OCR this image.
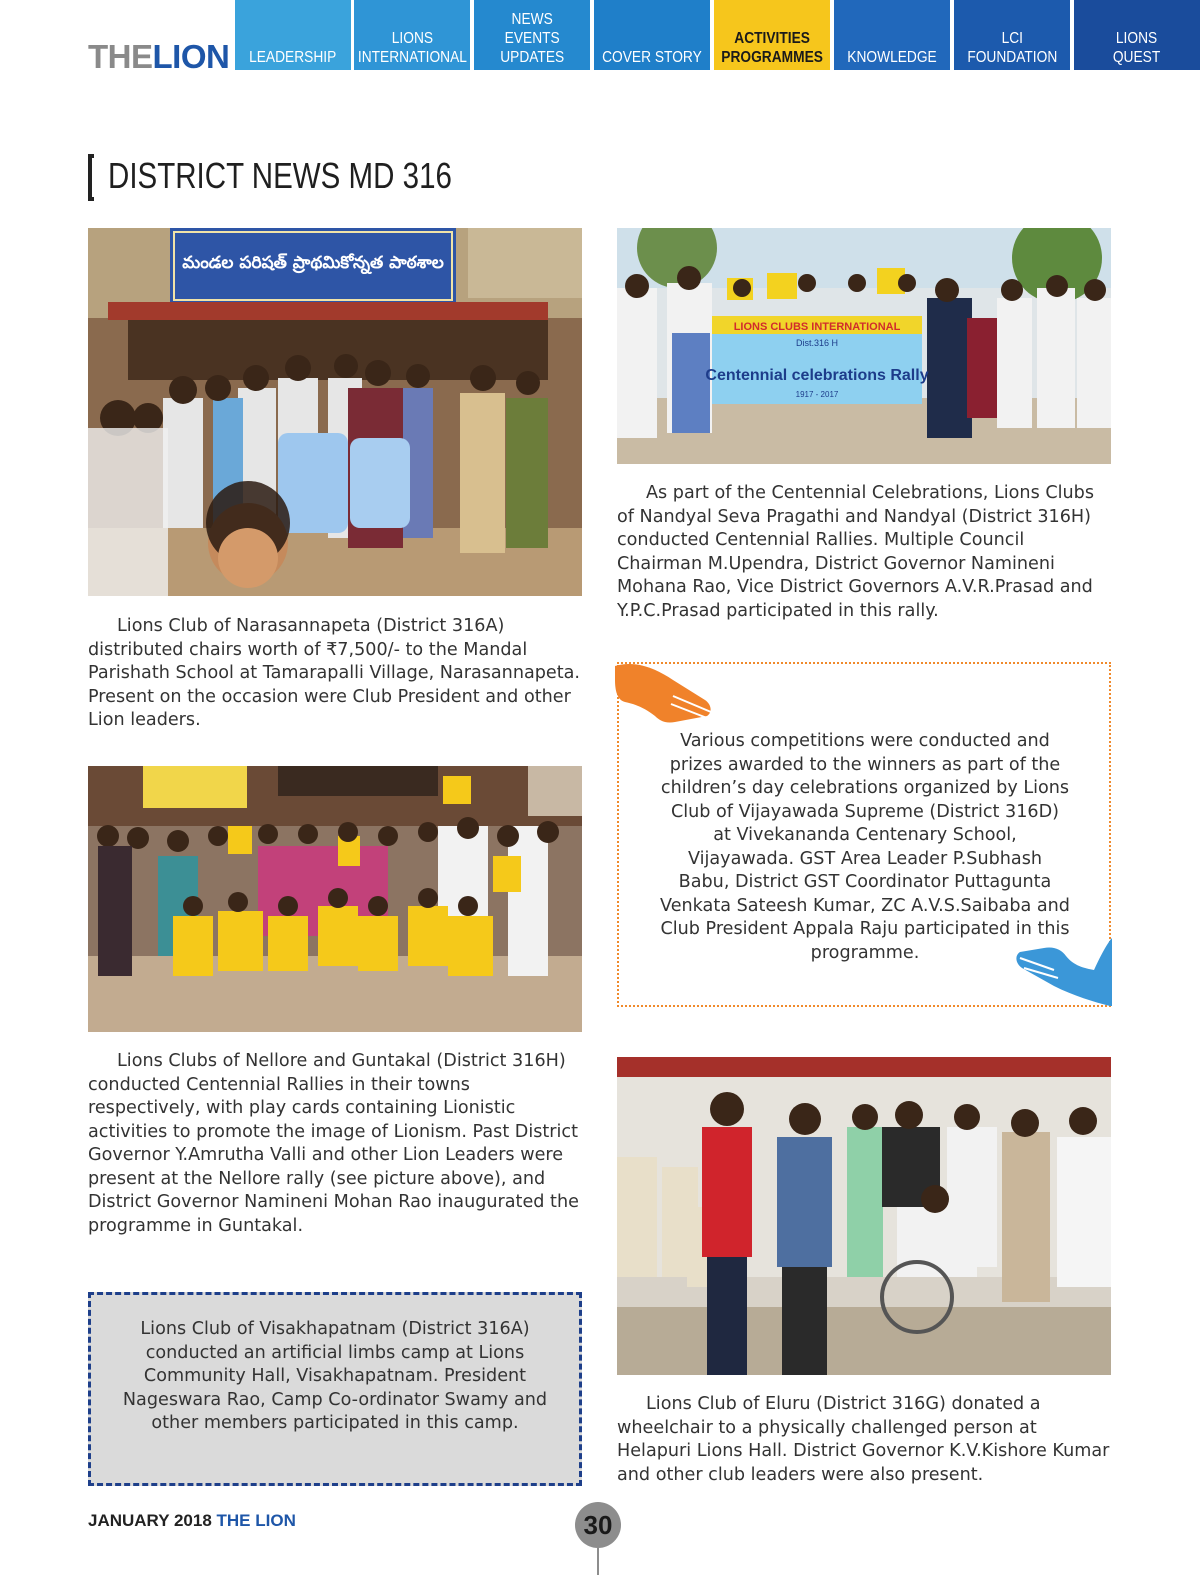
THELION LEADERSHIP
LIONS
INTERNATIONAL
NEWS
EVENTS
UPDATES COVER STORY
ACTIVITIES
PROGRAMMES KNOWLEDGE
LCI
FOUNDATION
LIONS
QUEST
DISTRICT NEWS MD 316
మండల పరిషత్ ప్రాథమికోన్నత పాఠశాల
Lions Club of Narasannapeta (District 316A) distributed chairs worth of ₹7,500/- to the Mandal Parishath School at Tamarapalli Village, Narasannapeta. Present on the occasion were Club President and other Lion leaders.
LIONS CLUBS INTERNATIONAL
Dist.316 H
Centennial celebrations Rally
1917 - 2017
As part of the Centennial Celebrations, Lions Clubs of Nandyal Seva Pragathi and Nandyal (District 316H) conducted Centennial Rallies. Multiple Council Chairman M.Upendra, District Governor Namineni Mohana Rao, Vice District Governors A.V.R.Prasad and Y.P.C.Prasad participated in this rally.
Various competitions were conducted and prizes awarded to the winners as part of the children’s day celebrations organized by Lions Club of Vijayawada Supreme (District 316D) at Vivekananda Centenary School, Vijayawada. GST Area Leader P.Subhash Babu, District GST Coordinator Puttagunta Venkata Sateesh Kumar, ZC A.V.S.Saibaba and Club President Appala Raju participated in this programme.
Lions Clubs of Nellore and Guntakal (District 316H) conducted Centennial Rallies in their towns respectively, with play cards containing Lionistic activities to promote the image of Lionism. Past District Governor Y.Amrutha Valli and other Lion Leaders were present at the Nellore rally (see picture above), and District Governor Namineni Mohan Rao inaugurated the programme in Guntakal.
Lions Club of Visakhapatnam (District 316A) conducted an artificial limbs camp at Lions Community Hall, Visakhapatnam. President Nageswara Rao, Camp Co-ordinator Swamy and other members participated in this camp.
Lions Club of Eluru (District 316G) donated a wheelchair to a physically challenged person at Helapuri Lions Hall. District Governor K.V.Kishore Kumar and other club leaders were also present.
JANUARY 2018 THE LION	30
